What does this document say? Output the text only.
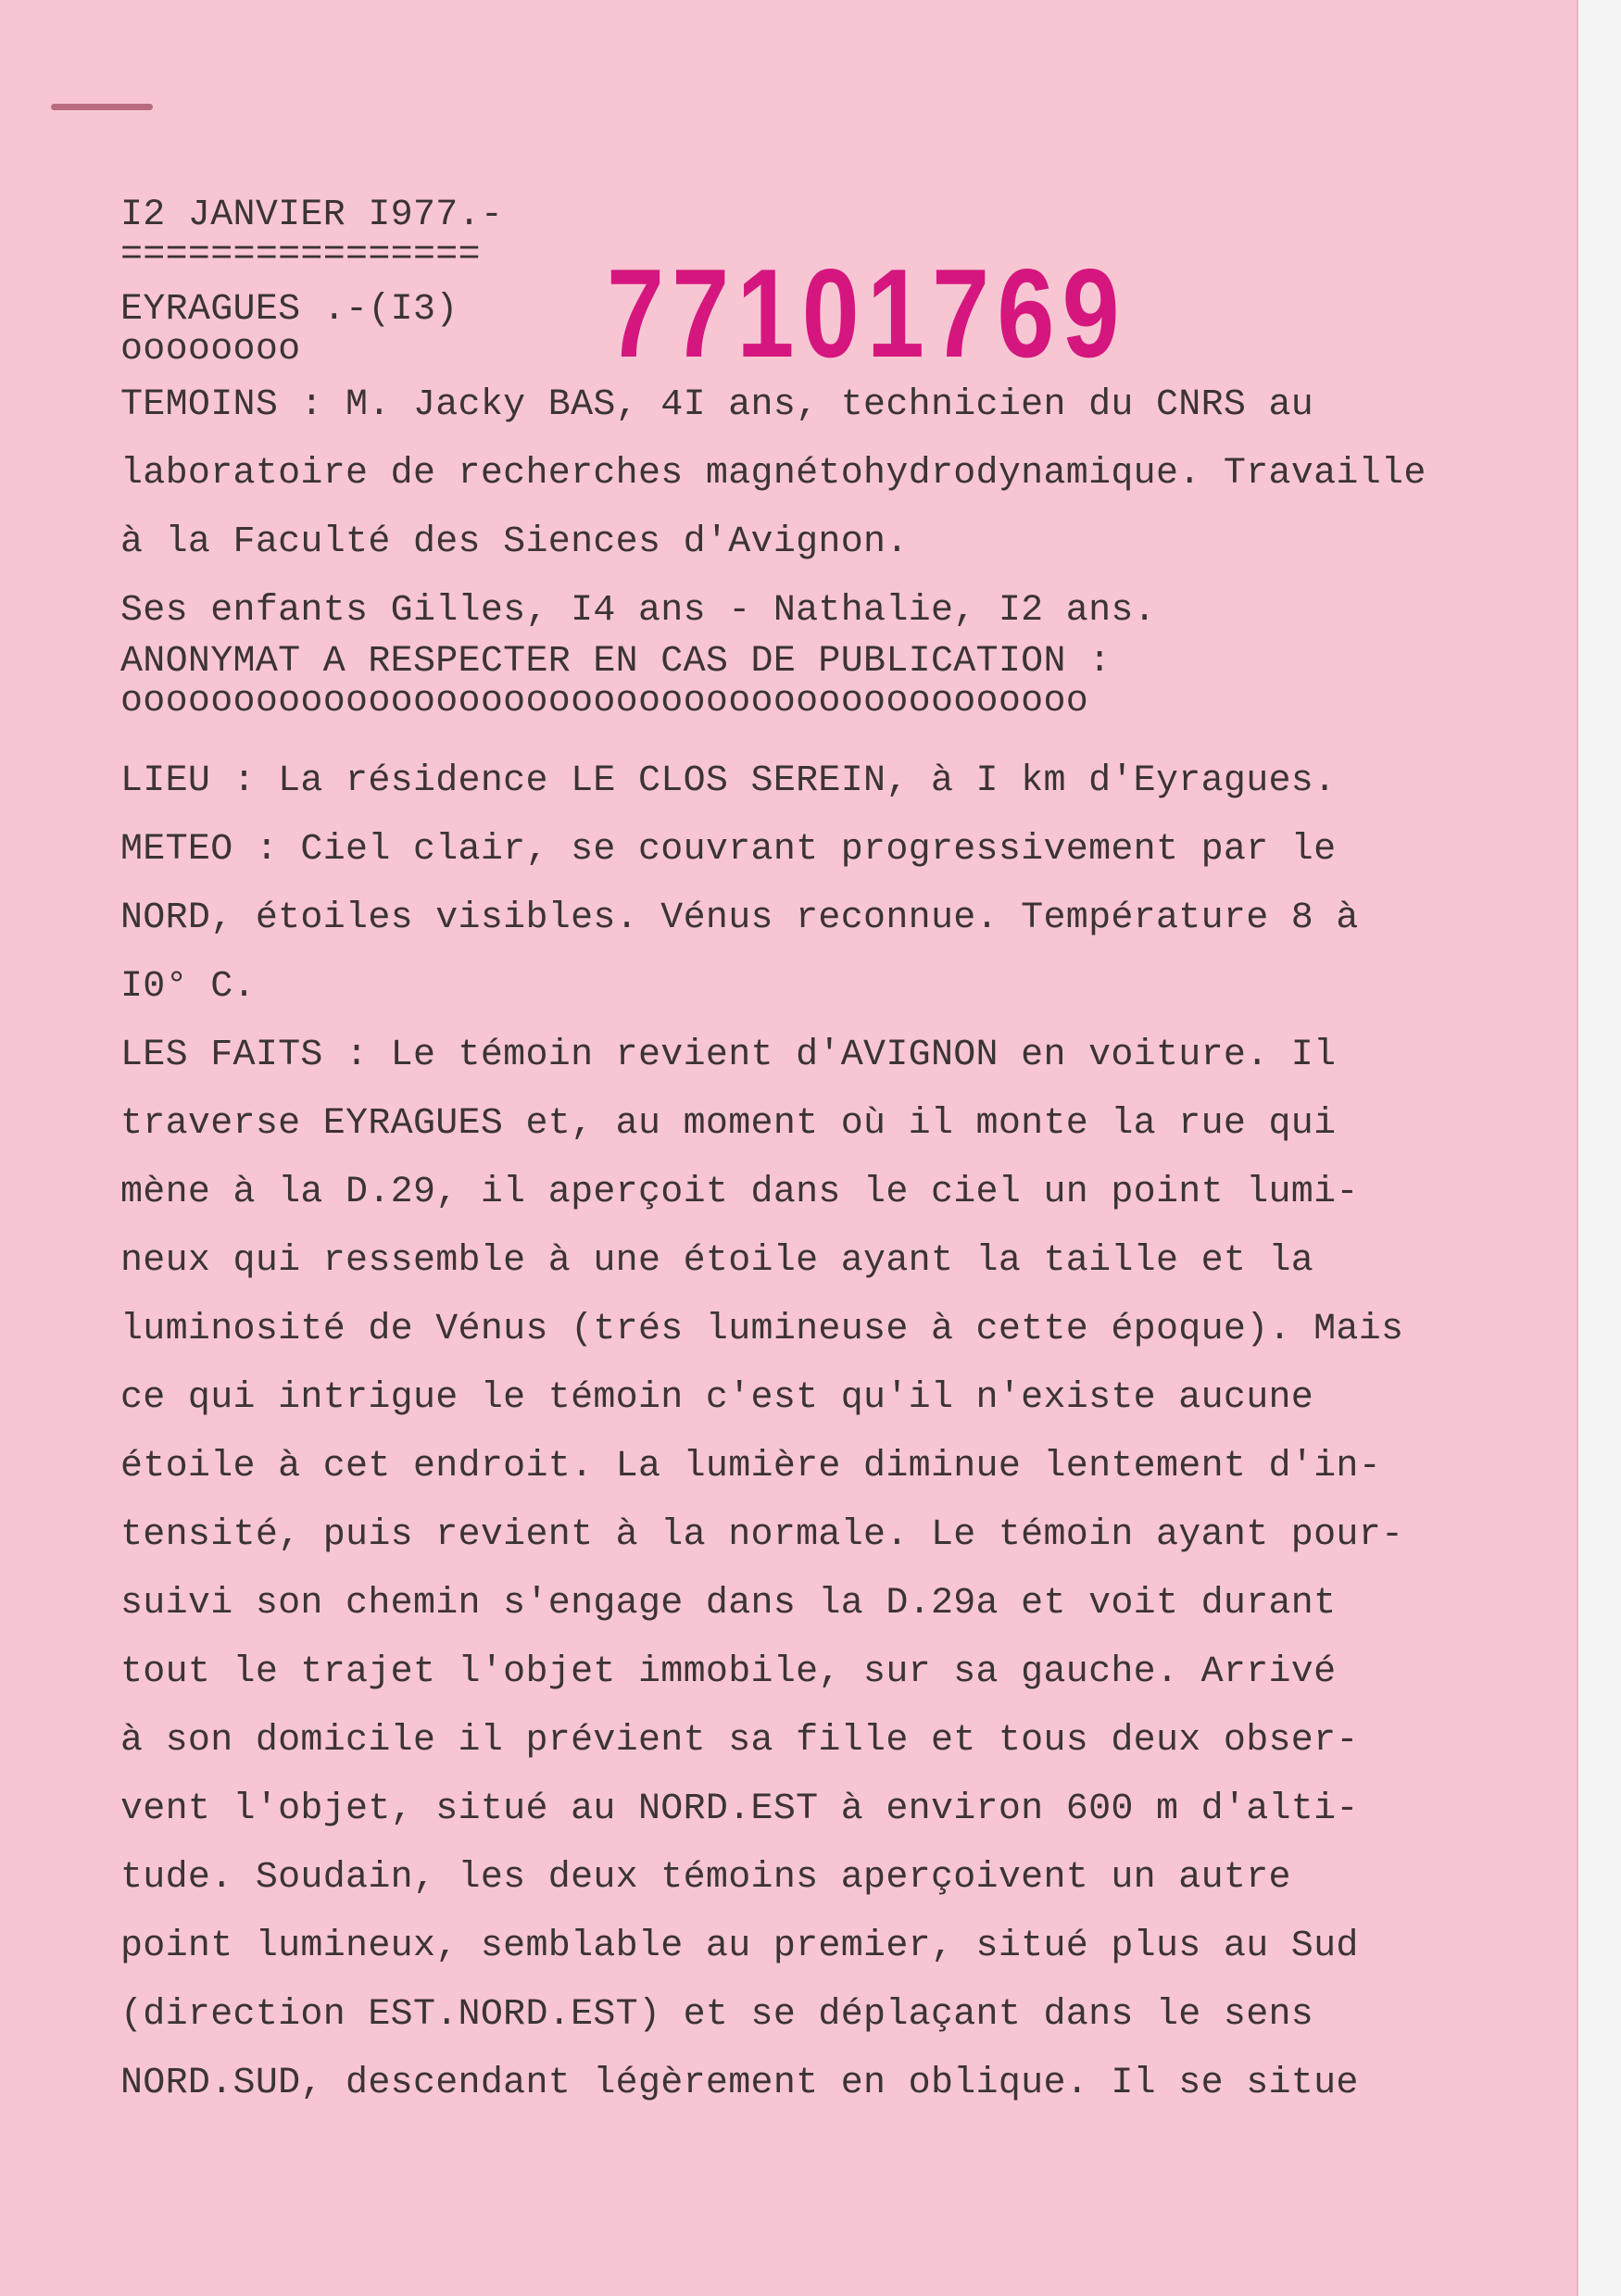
77101769
I2 JANVIER I977.-
================
EYRAGUES .-(I3)
oooooooo
TEMOINS : M. Jacky BAS, 4I ans, technicien du CNRS au
laboratoire de recherches magnétohydrodynamique. Travaille
à la Faculté des Siences d'Avignon.
Ses enfants Gilles, I4 ans - Nathalie, I2 ans.
ANONYMAT A RESPECTER EN CAS DE PUBLICATION :
ooooooooooooooooooooooooooooooooooooooooooo
LIEU : La résidence LE CLOS SEREIN, à I km d'Eyragues.
METEO : Ciel clair, se couvrant progressivement par le
NORD, étoiles visibles. Vénus reconnue. Température 8 à
I0° C.
LES FAITS : Le témoin revient d'AVIGNON en voiture. Il
traverse EYRAGUES et, au moment où il monte la rue qui
mène à la D.29, il aperçoit dans le ciel un point lumi-
neux qui ressemble à une étoile ayant la taille et la
luminosité de Vénus (trés lumineuse à cette époque). Mais
ce qui intrigue le témoin c'est qu'il n'existe aucune
étoile à cet endroit. La lumière diminue lentement d'in-
tensité, puis revient à la normale. Le témoin ayant pour-
suivi son chemin s'engage dans la D.29a et voit durant
tout le trajet l'objet immobile, sur sa gauche. Arrivé
à son domicile il prévient sa fille et tous deux obser-
vent l'objet, situé au NORD.EST à environ 600 m d'alti-
tude. Soudain, les deux témoins aperçoivent un autre
point lumineux, semblable au premier, situé plus au Sud
(direction EST.NORD.EST) et se déplaçant dans le sens
NORD.SUD, descendant légèrement en oblique. Il se situe
